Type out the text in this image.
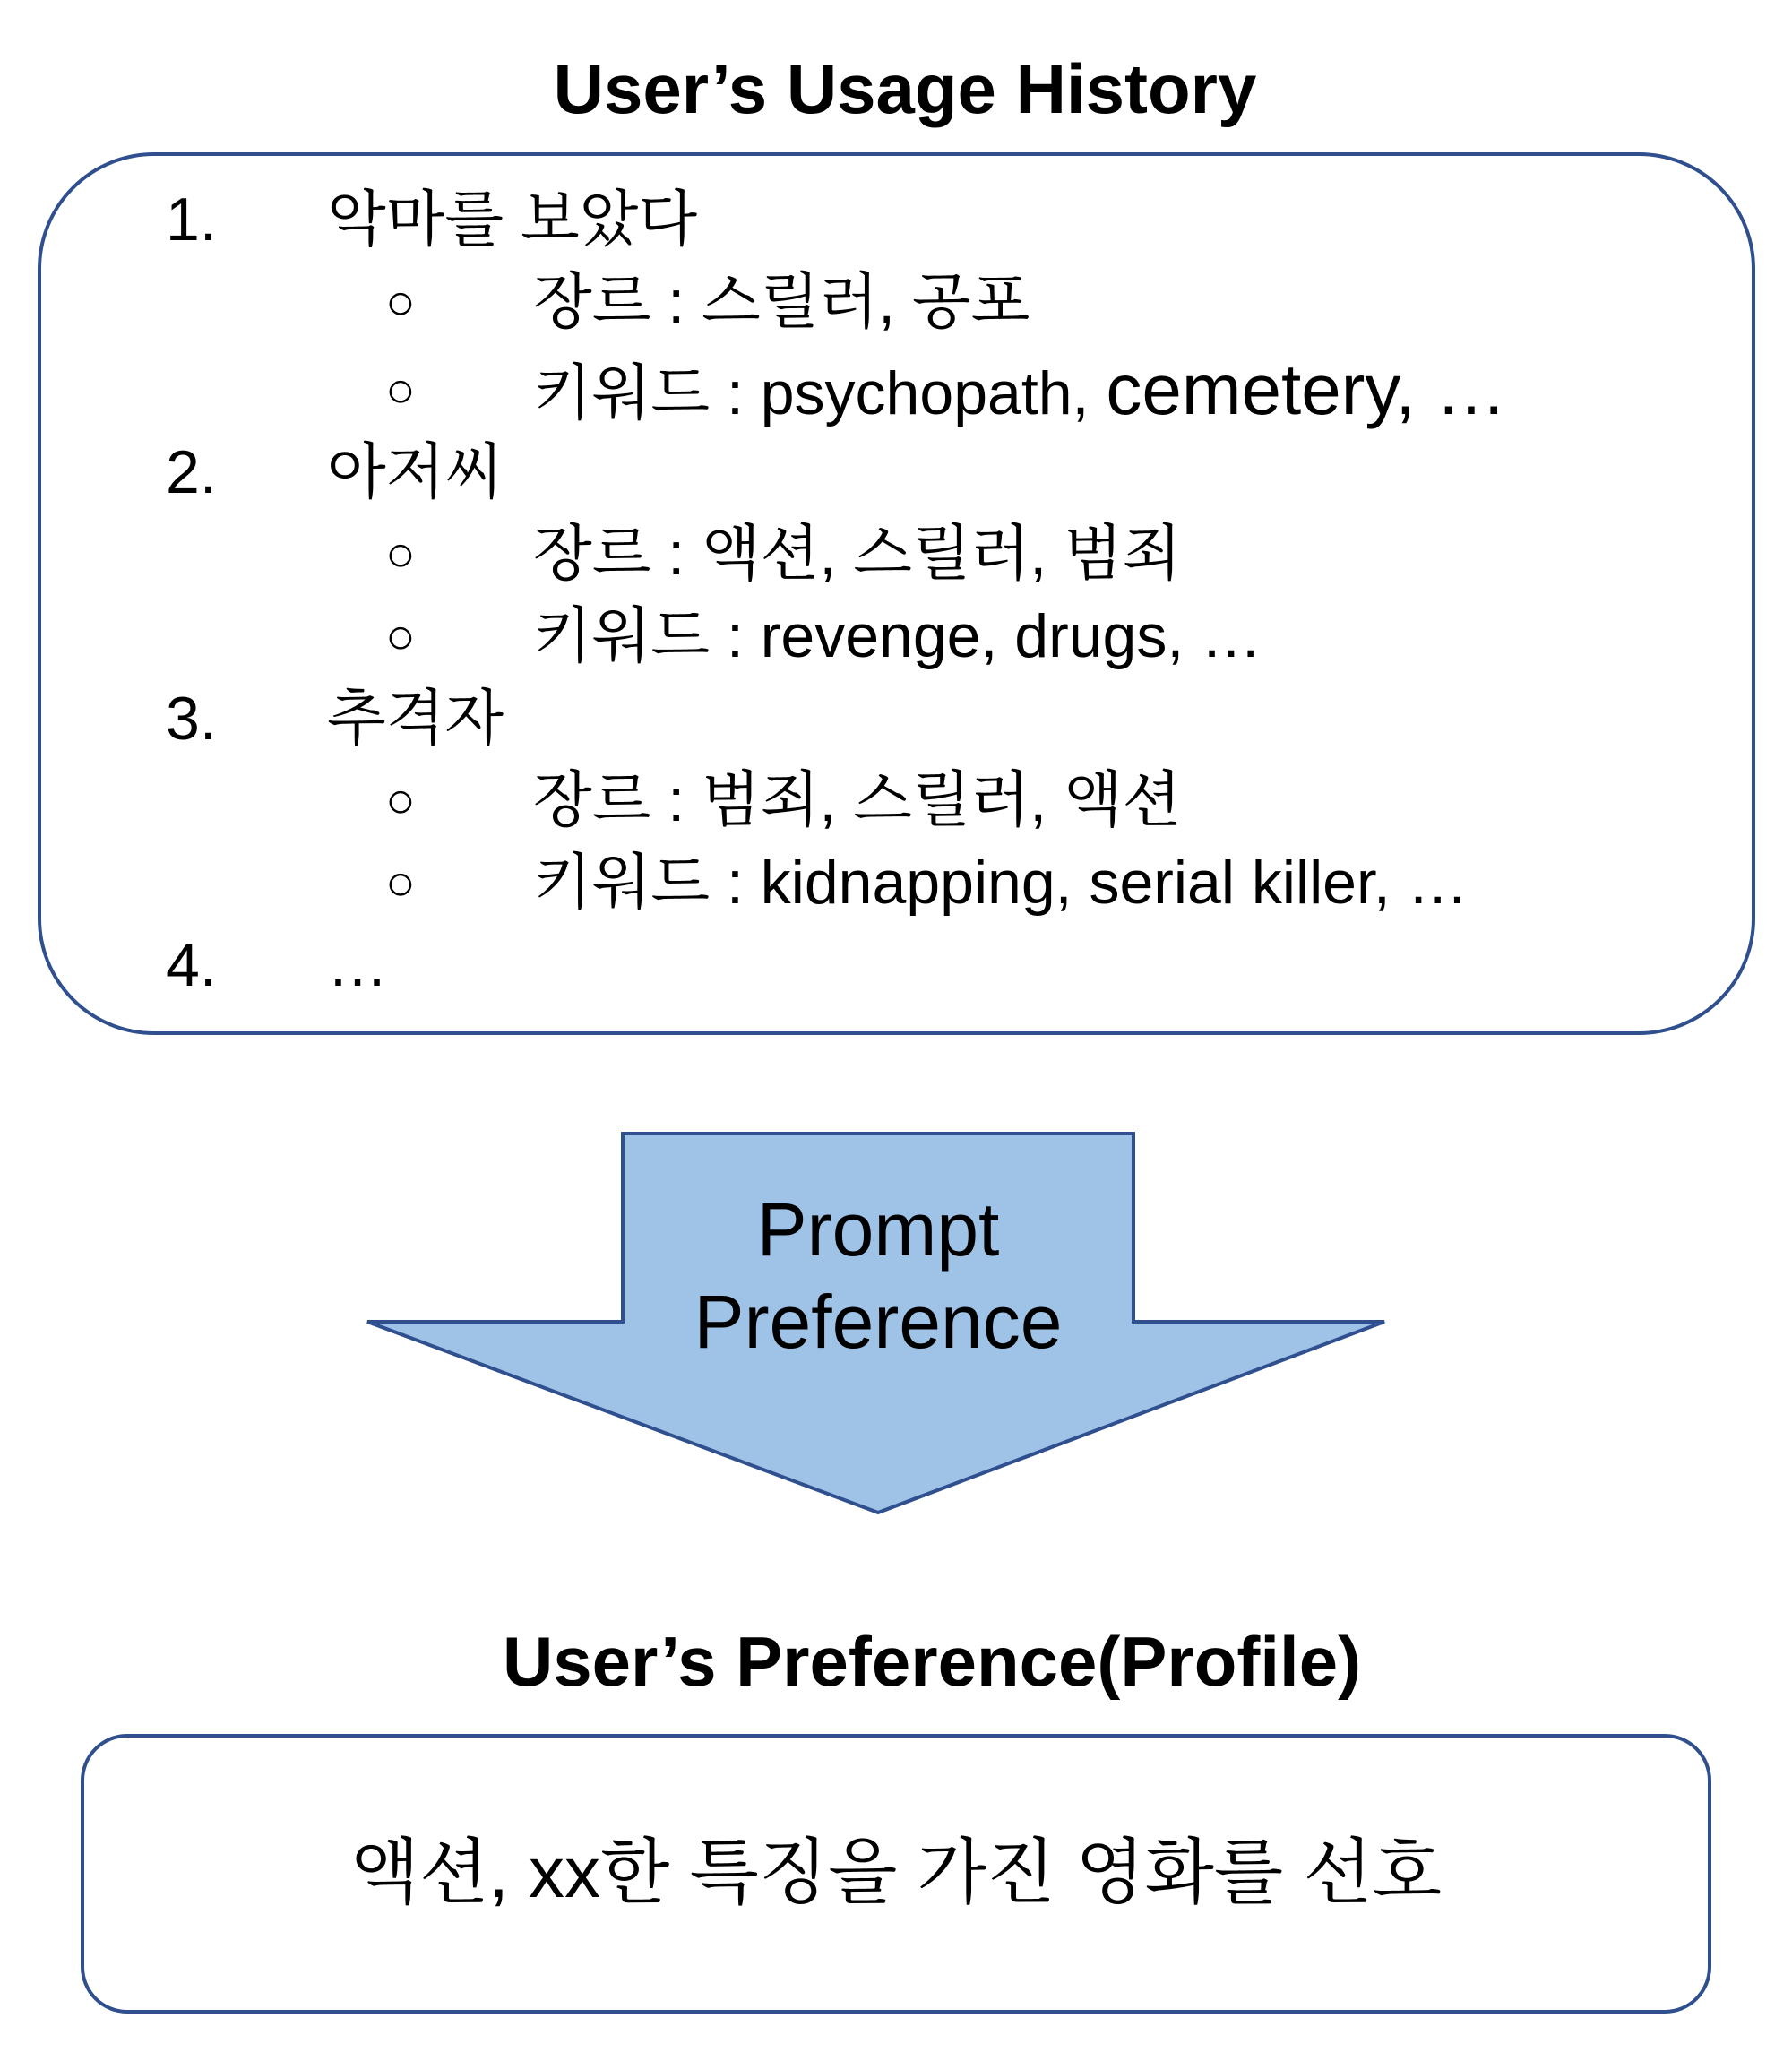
User’s Usage History
1. 악마를 보았다
○ 장르 : 스릴러, 공포
○ 키워드 : psychopath, cemetery, …
2. 아저씨
○ 장르 : 액션, 스릴러, 범죄
○ 키워드 : revenge, drugs, …
3. 추격자
○ 장르 : 범죄, 스릴러, 액션
○ 키워드 : kidnapping, serial killer, …
4. …
Prompt
Preference
User’s Preference(Profile)
액션, xx한 특징을 가진 영화를 선호
